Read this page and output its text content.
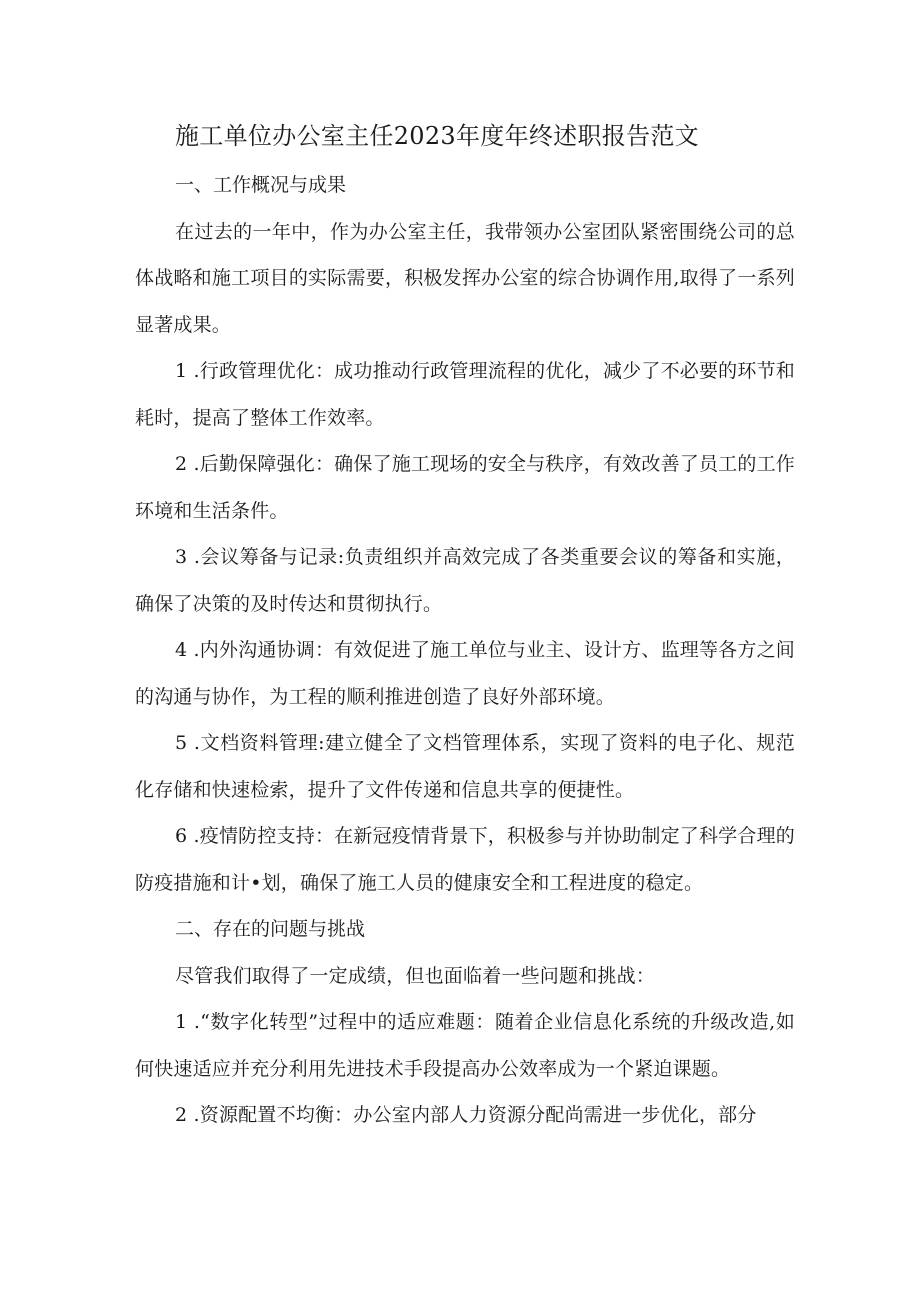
施工单位办公室主任2023年度年终述职报告范文

一、工作概况与成果

在过去的一年中，作为办公室主任，我带领办公室团队紧密围绕公司的总体战略和施工项目的实际需要，积极发挥办公室的综合协调作用,取得了一系列显著成果。

1 .行政管理优化：成功推动行政管理流程的优化，减少了不必要的环节和耗时，提高了整体工作效率。

2 .后勤保障强化：确保了施工现场的安全与秩序，有效改善了员工的工作环境和生活条件。

3 .会议筹备与记录:负责组织并高效完成了各类重要会议的筹备和实施，确保了决策的及时传达和贯彻执行。

4 .内外沟通协调：有效促进了施工单位与业主、设计方、监理等各方之间的沟通与协作，为工程的顺利推进创造了良好外部环境。

5 .文档资料管理:建立健全了文档管理体系，实现了资料的电子化、规范化存储和快速检索，提升了文件传递和信息共享的便捷性。

6 .疫情防控支持：在新冠疫情背景下，积极参与并协助制定了科学合理的防疫措施和计•划，确保了施工人员的健康安全和工程进度的稳定。

二、存在的问题与挑战

尽管我们取得了一定成绩，但也面临着一些问题和挑战：

1 .“数字化转型”过程中的适应难题：随着企业信息化系统的升级改造,如何快速适应并充分利用先进技术手段提高办公效率成为一个紧迫课题。

2 .资源配置不均衡：办公室内部人力资源分配尚需进一步优化，部分
